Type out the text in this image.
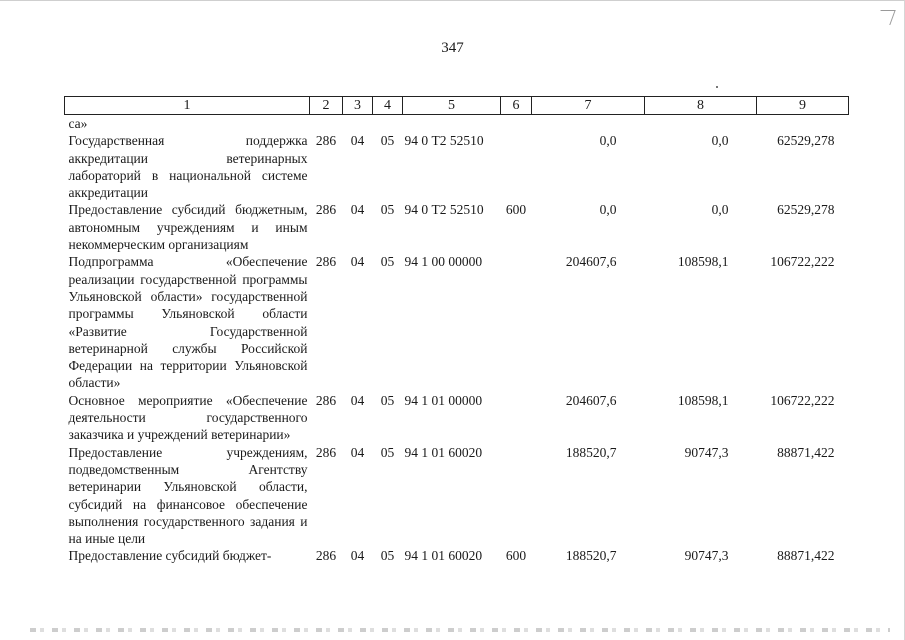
347
1	2	3	4	5	6	7	8	9
са»								
Государственная поддержка аккредитации ветеринарных лабораторий в национальной системе аккредитации	286	04	05	94 0 Т2 52510		0,0	0,0	62529,278
Предоставление субсидий бюджетным, автономным учреждениям и иным некоммерческим организациям	286	04	05	94 0 Т2 52510	600	0,0	0,0	62529,278
Подпрограмма «Обеспечение реализации государственной программы Ульяновской области» государственной программы Ульяновской области «Развитие Государственной ветеринарной службы Российской Федерации на территории Ульяновской области»	286	04	05	94 1 00 00000		204607,6	108598,1	106722,222
Основное мероприятие «Обеспечение деятельности государственного заказчика и учреждений ветеринарии»	286	04	05	94 1 01 00000		204607,6	108598,1	106722,222
Предоставление учреждениям, подведомственным Агентству ветеринарии Ульяновской области, субсидий на финансовое обеспечение выполнения государственного задания и на иные цели	286	04	05	94 1 01 60020		188520,7	90747,3	88871,422
Предоставление субсидий бюджет-	286	04	05	94 1 01 60020	600	188520,7	90747,3	88871,422
